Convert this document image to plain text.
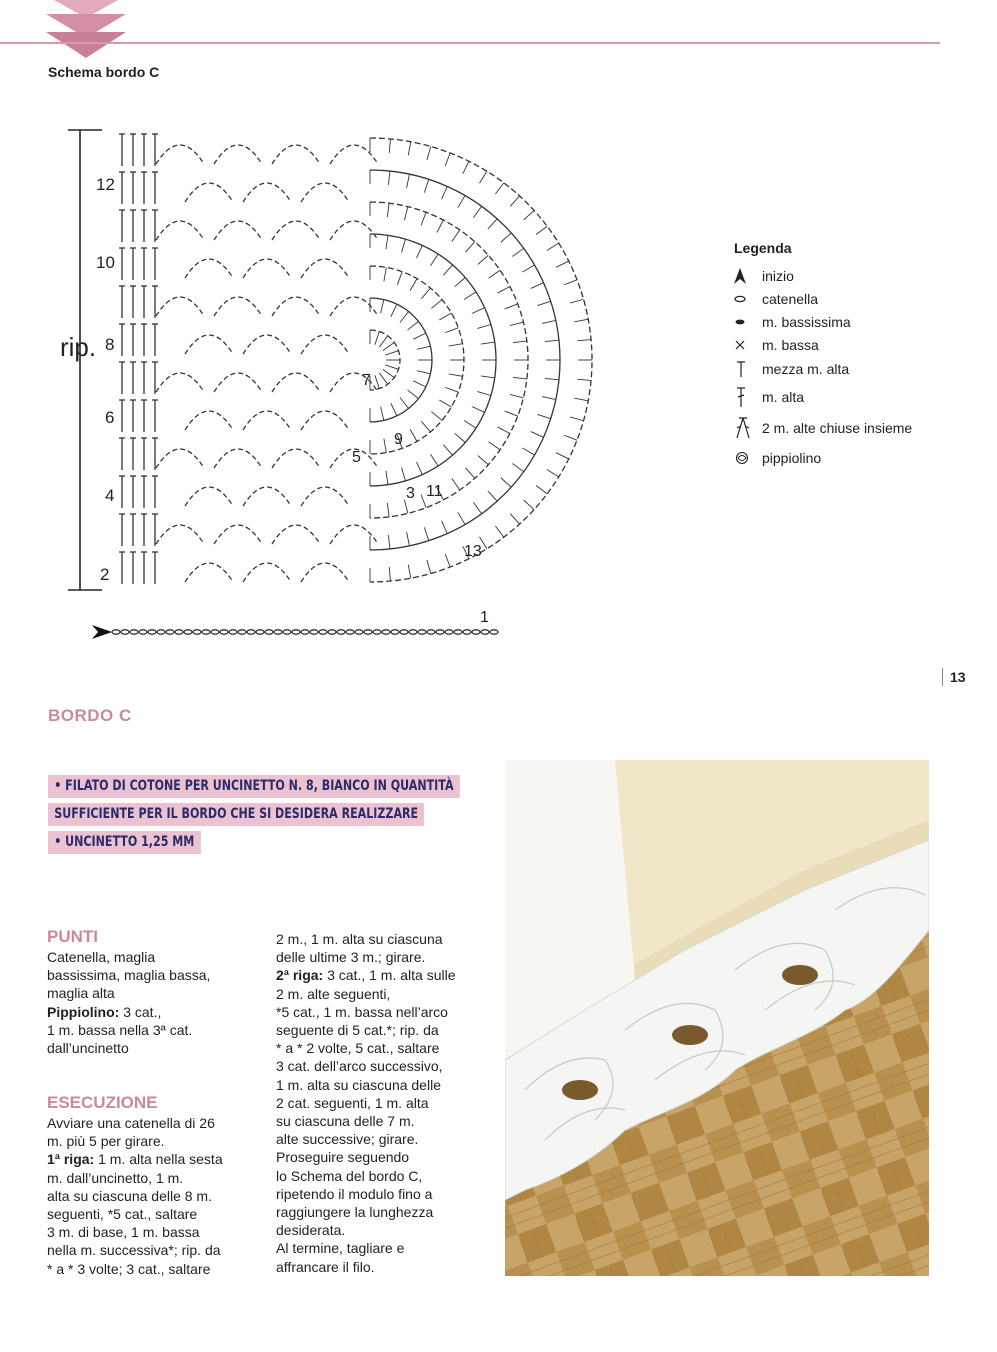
Schema bordo C
rip.
12
10
8
6
4
2
7
5
9
3 11
13
1
Legenda
inizio
catenella
m. bassissima
m. bassa
mezza m. alta
m. alta
2 m. alte chiuse insieme
pippiolino
13
BORDO C
• FILATO DI COTONE PER UNCINETTO N. 8, BIANCO IN QUANTITÀ
SUFFICIENTE PER IL BORDO CHE SI DESIDERA REALIZZARE
• UNCINETTO 1,25 MM
PUNTI

Catenella, maglia

bassissima, maglia bassa,

maglia alta

Pippiolino: 3 cat.,

1 m. bassa nella 3ª cat.

dall’uncinetto

ESECUZIONE

Avviare una catenella di 26

m. più 5 per girare.

1ª riga: 1 m. alta nella sesta

m. dall’uncinetto, 1 m.

alta su ciascuna delle 8 m.

seguenti, *5 cat., saltare

3 m. di base, 1 m. bassa

nella m. successiva*; rip. da

* a * 3 volte; 3 cat., saltare

2 m., 1 m. alta su ciascuna

delle ultime 3 m.; girare.

2ª riga: 3 cat., 1 m. alta sulle

2 m. alte seguenti,

*5 cat., 1 m. bassa nell’arco

seguente di 5 cat.*; rip. da

* a * 2 volte, 5 cat., saltare

3 cat. dell’arco successivo,

1 m. alta su ciascuna delle

2 cat. seguenti, 1 m. alta

su ciascuna delle 7 m.

alte successive; girare.

Proseguire seguendo

lo Schema del bordo C,

ripetendo il modulo fino a

raggiungere la lunghezza

desiderata.

Al termine, tagliare e

affrancare il filo.
